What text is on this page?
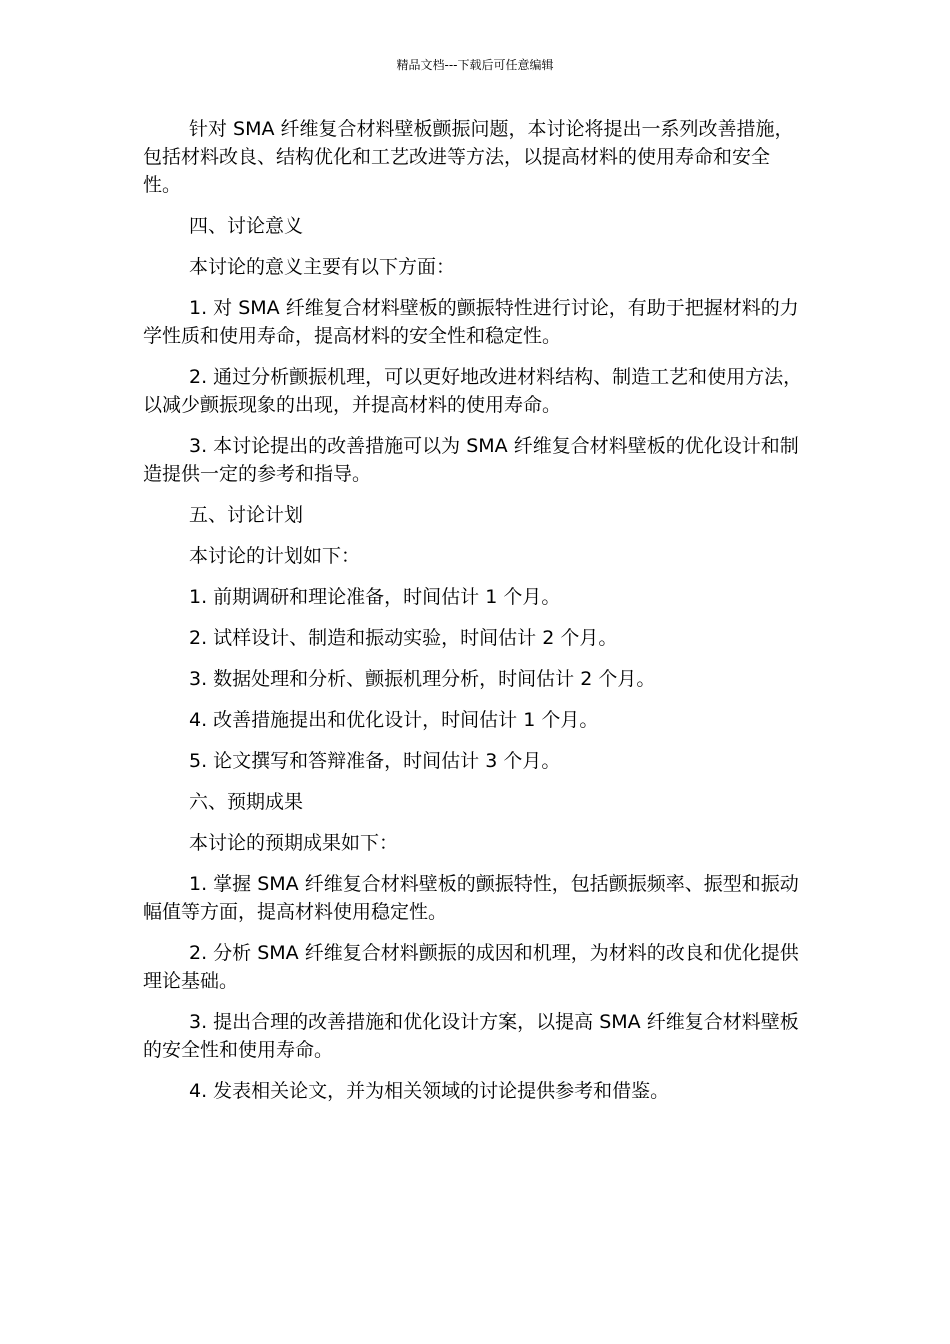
精品文档---下载后可任意编辑

针对 SMA 纤维复合材料壁板颤振问题，本讨论将提出一系列改善措施，包括材料改良、结构优化和工艺改进等方法，以提高材料的使用寿命和安全性。

四、讨论意义

本讨论的意义主要有以下方面：

1. 对 SMA 纤维复合材料壁板的颤振特性进行讨论，有助于把握材料的力学性质和使用寿命，提高材料的安全性和稳定性。

2. 通过分析颤振机理，可以更好地改进材料结构、制造工艺和使用方法，以减少颤振现象的出现，并提高材料的使用寿命。

3. 本讨论提出的改善措施可以为 SMA 纤维复合材料壁板的优化设计和制造提供一定的参考和指导。

五、讨论计划

本讨论的计划如下：

1. 前期调研和理论准备，时间估计 1 个月。

2. 试样设计、制造和振动实验，时间估计 2 个月。

3. 数据处理和分析、颤振机理分析，时间估计 2 个月。

4. 改善措施提出和优化设计，时间估计 1 个月。

5. 论文撰写和答辩准备，时间估计 3 个月。

六、预期成果

本讨论的预期成果如下：

1. 掌握 SMA 纤维复合材料壁板的颤振特性，包括颤振频率、振型和振动幅值等方面，提高材料使用稳定性。

2. 分析 SMA 纤维复合材料颤振的成因和机理，为材料的改良和优化提供理论基础。

3. 提出合理的改善措施和优化设计方案，以提高 SMA 纤维复合材料壁板的安全性和使用寿命。

4. 发表相关论文，并为相关领域的讨论提供参考和借鉴。
